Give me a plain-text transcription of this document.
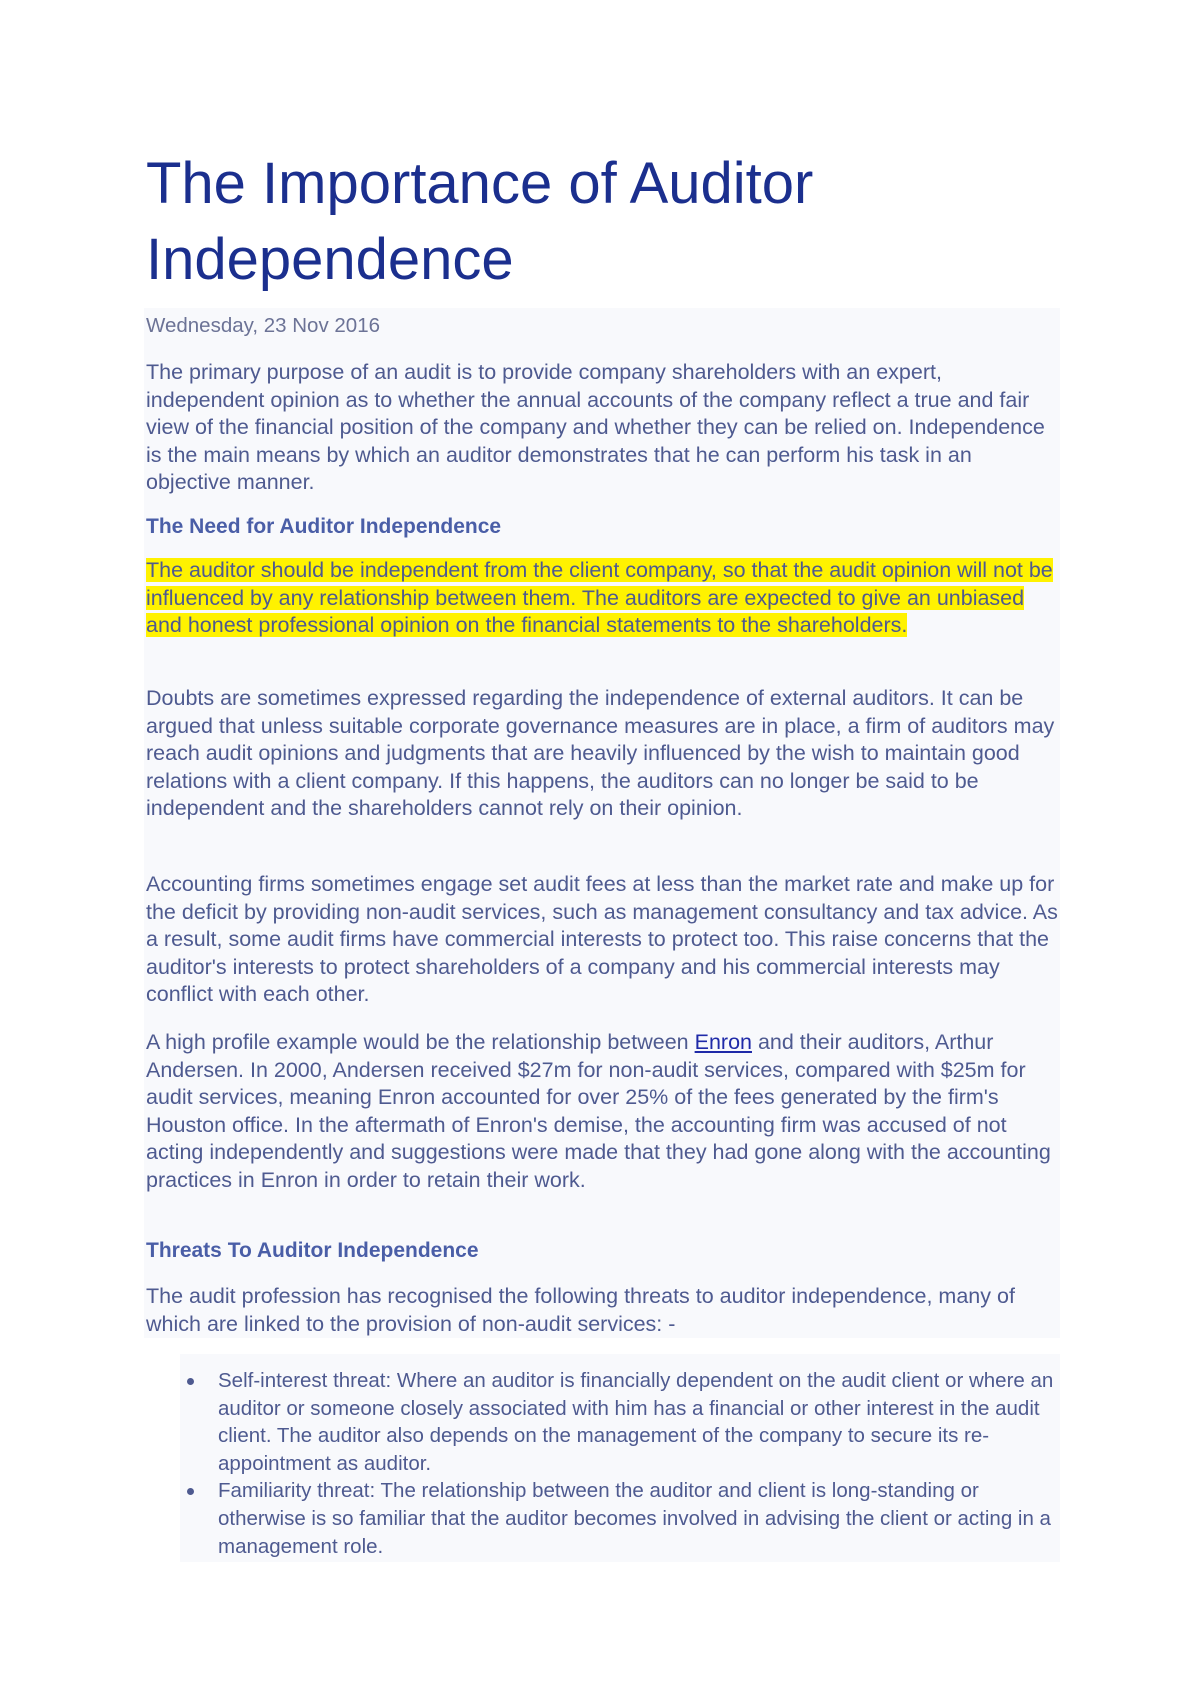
The Importance of Auditor
Independence

Wednesday, 23 Nov 2016

The primary purpose of an audit is to provide company shareholders with an expert, independent opinion as to whether the annual accounts of the company reflect a true and fair view of the financial position of the company and whether they can be relied on. Independence is the main means by which an auditor demonstrates that he can perform his task in an objective manner.

The Need for Auditor Independence

The auditor should be independent from the client company, so that the audit opinion will not be influenced by any relationship between them. The auditors are expected to give an unbiased and honest professional opinion on the financial statements to the shareholders.

Doubts are sometimes expressed regarding the independence of external auditors. It can be argued that unless suitable corporate governance measures are in place, a firm of auditors may reach audit opinions and judgments that are heavily influenced by the wish to maintain good relations with a client company. If this happens, the auditors can no longer be said to be independent and the shareholders cannot rely on their opinion.

Accounting firms sometimes engage set audit fees at less than the market rate and make up for the deficit by providing non-audit services, such as management consultancy and tax advice. As a result, some audit firms have commercial interests to protect too. This raise concerns that the auditor's interests to protect shareholders of a company and his commercial interests may conflict with each other.

A high profile example would be the relationship between Enron and their auditors, Arthur Andersen. In 2000, Andersen received $27m for non-audit services, compared with $25m for audit services, meaning Enron accounted for over 25% of the fees generated by the firm's Houston office. In the aftermath of Enron's demise, the accounting firm was accused of not acting independently and suggestions were made that they had gone along with the accounting practices in Enron in order to retain their work.

Threats To Auditor Independence

The audit profession has recognised the following threats to auditor independence, many of which are linked to the provision of non-audit services: -

Self-interest threat: Where an auditor is financially dependent on the audit client or where an auditor or someone closely associated with him has a financial or other interest in the audit client. The auditor also depends on the management of the company to secure its re-appointment as auditor.
Familiarity threat: The relationship between the auditor and client is long-standing or otherwise is so familiar that the auditor becomes involved in advising the client or acting in a management role.
